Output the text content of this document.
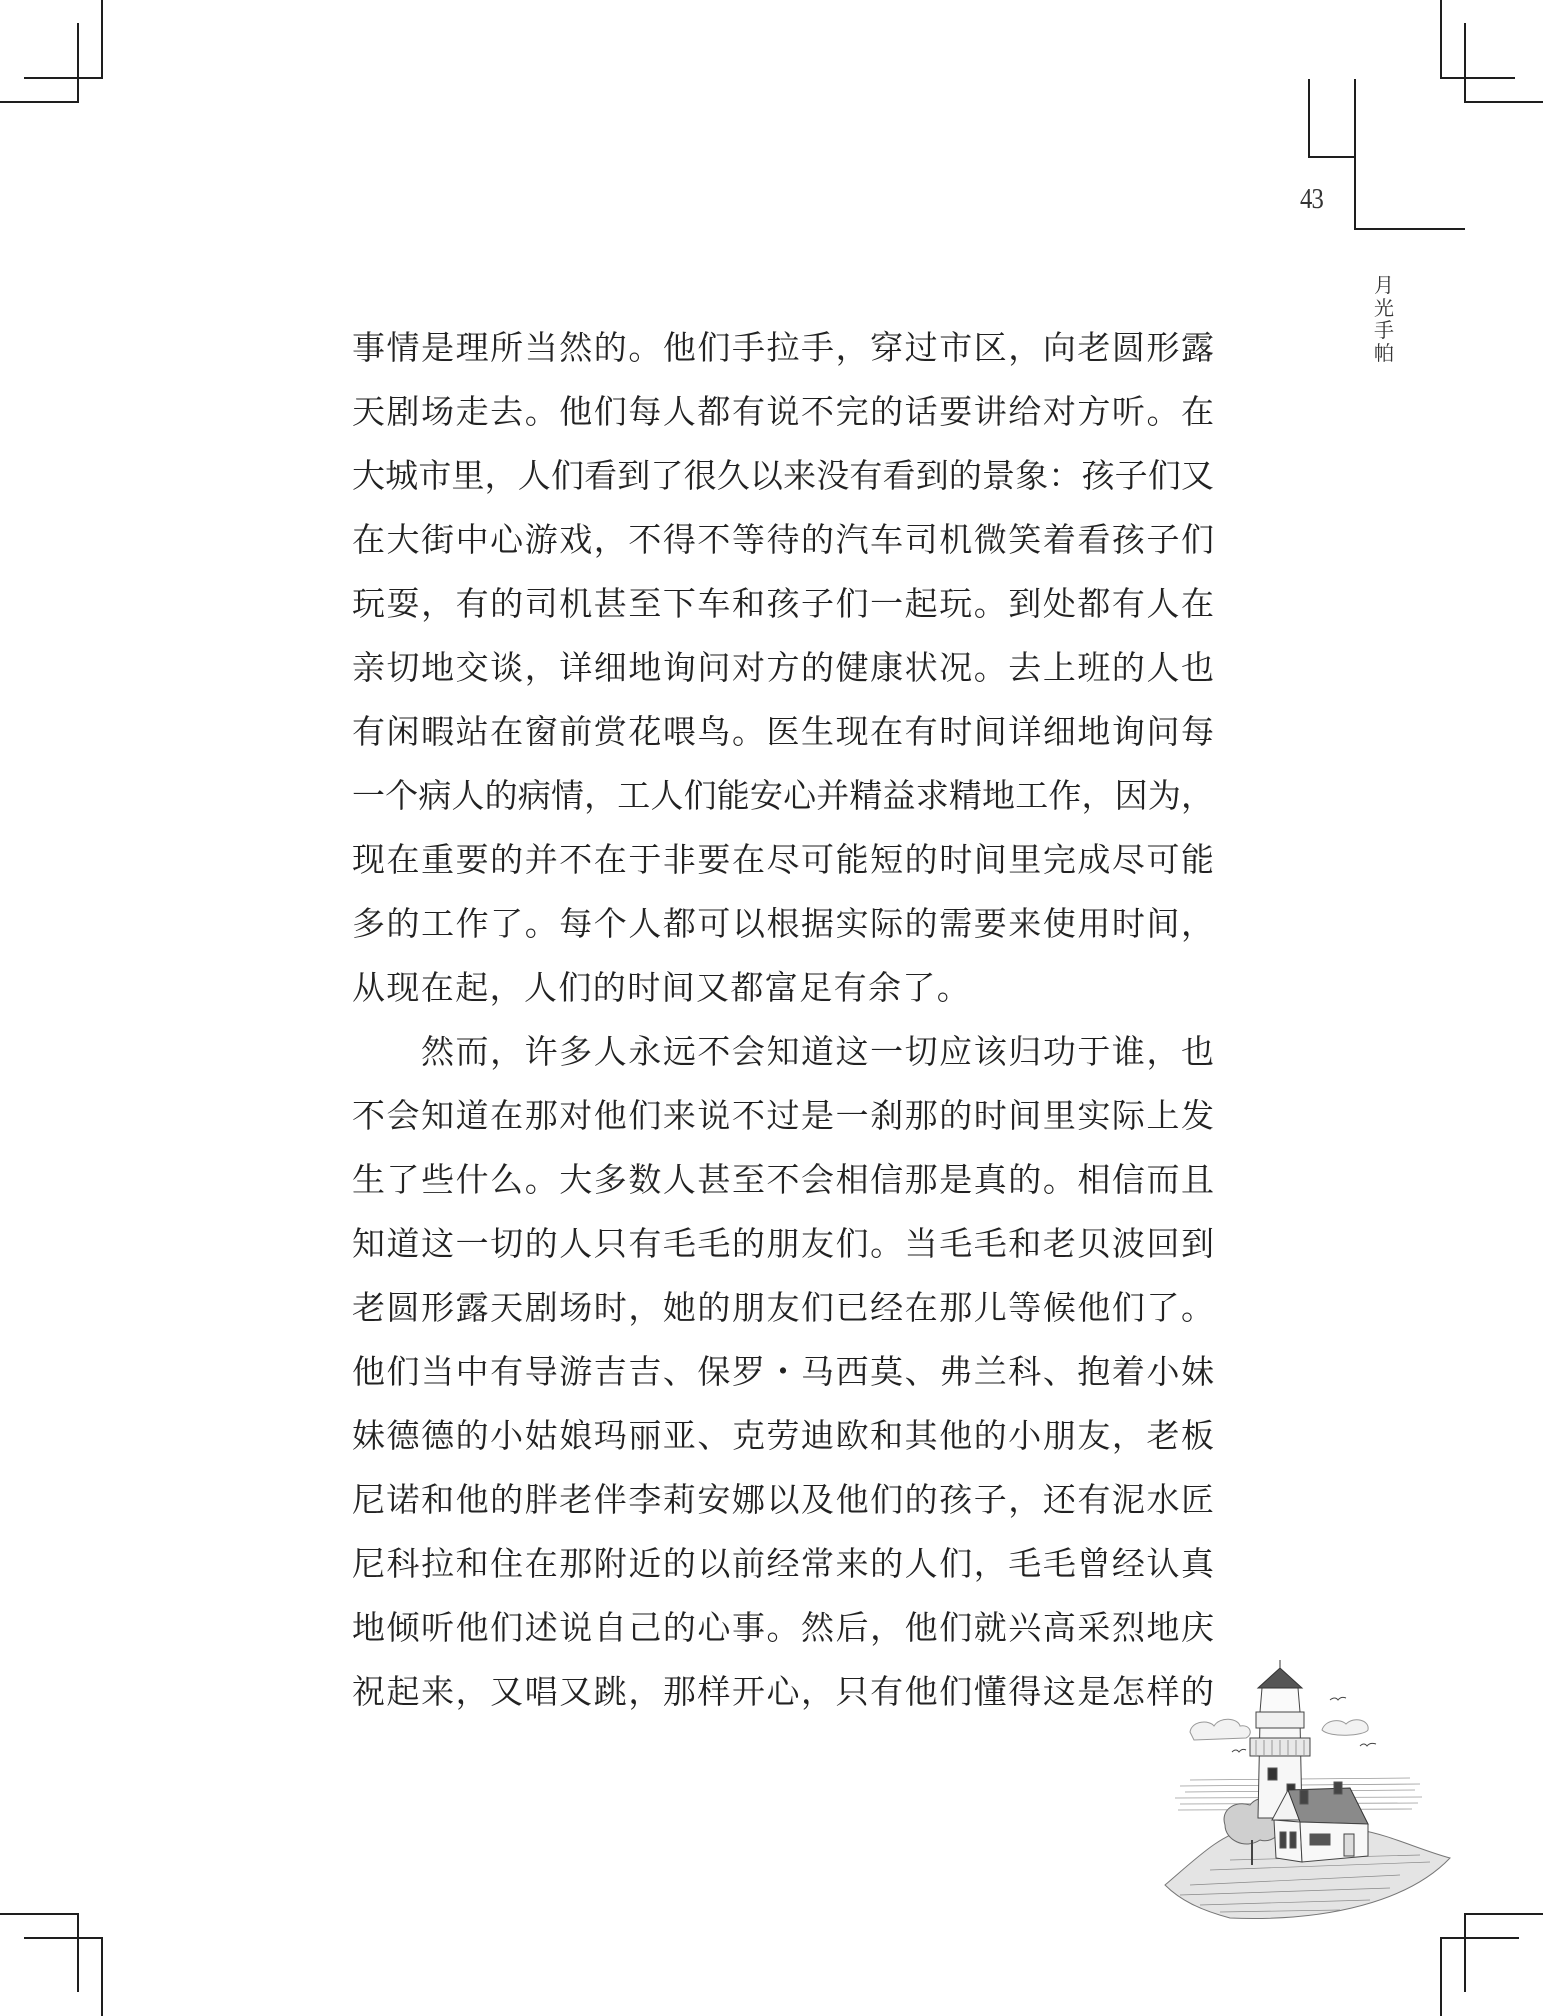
43
月
光
手
帕
事情是理所当然的。他们手拉手，穿过市区，向老圆形露
天剧场走去。他们每人都有说不完的话要讲给对方听。在
大城市里，人们看到了很久以来没有看到的景象：孩子们又
在大街中心游戏，不得不等待的汽车司机微笑着看孩子们
玩耍，有的司机甚至下车和孩子们一起玩。到处都有人在
亲切地交谈，详细地询问对方的健康状况。去上班的人也
有闲暇站在窗前赏花喂鸟。医生现在有时间详细地询问每
一个病人的病情，工人们能安心并精益求精地工作，因为，
现在重要的并不在于非要在尽可能短的时间里完成尽可能
多的工作了。每个人都可以根据实际的需要来使用时间，
从现在起，人们的时间又都富足有余了。
然而，许多人永远不会知道这一切应该归功于谁，也
不会知道在那对他们来说不过是一刹那的时间里实际上发
生了些什么。大多数人甚至不会相信那是真的。相信而且
知道这一切的人只有毛毛的朋友们。当毛毛和老贝波回到
老圆形露天剧场时，她的朋友们已经在那儿等候他们了。
他们当中有导游吉吉、保罗・马西莫、弗兰科、抱着小妹
妹德德的小姑娘玛丽亚、克劳迪欧和其他的小朋友，老板
尼诺和他的胖老伴李莉安娜以及他们的孩子，还有泥水匠
尼科拉和住在那附近的以前经常来的人们，毛毛曾经认真
地倾听他们述说自己的心事。然后，他们就兴高采烈地庆
祝起来，又唱又跳，那样开心，只有他们懂得这是怎样的
